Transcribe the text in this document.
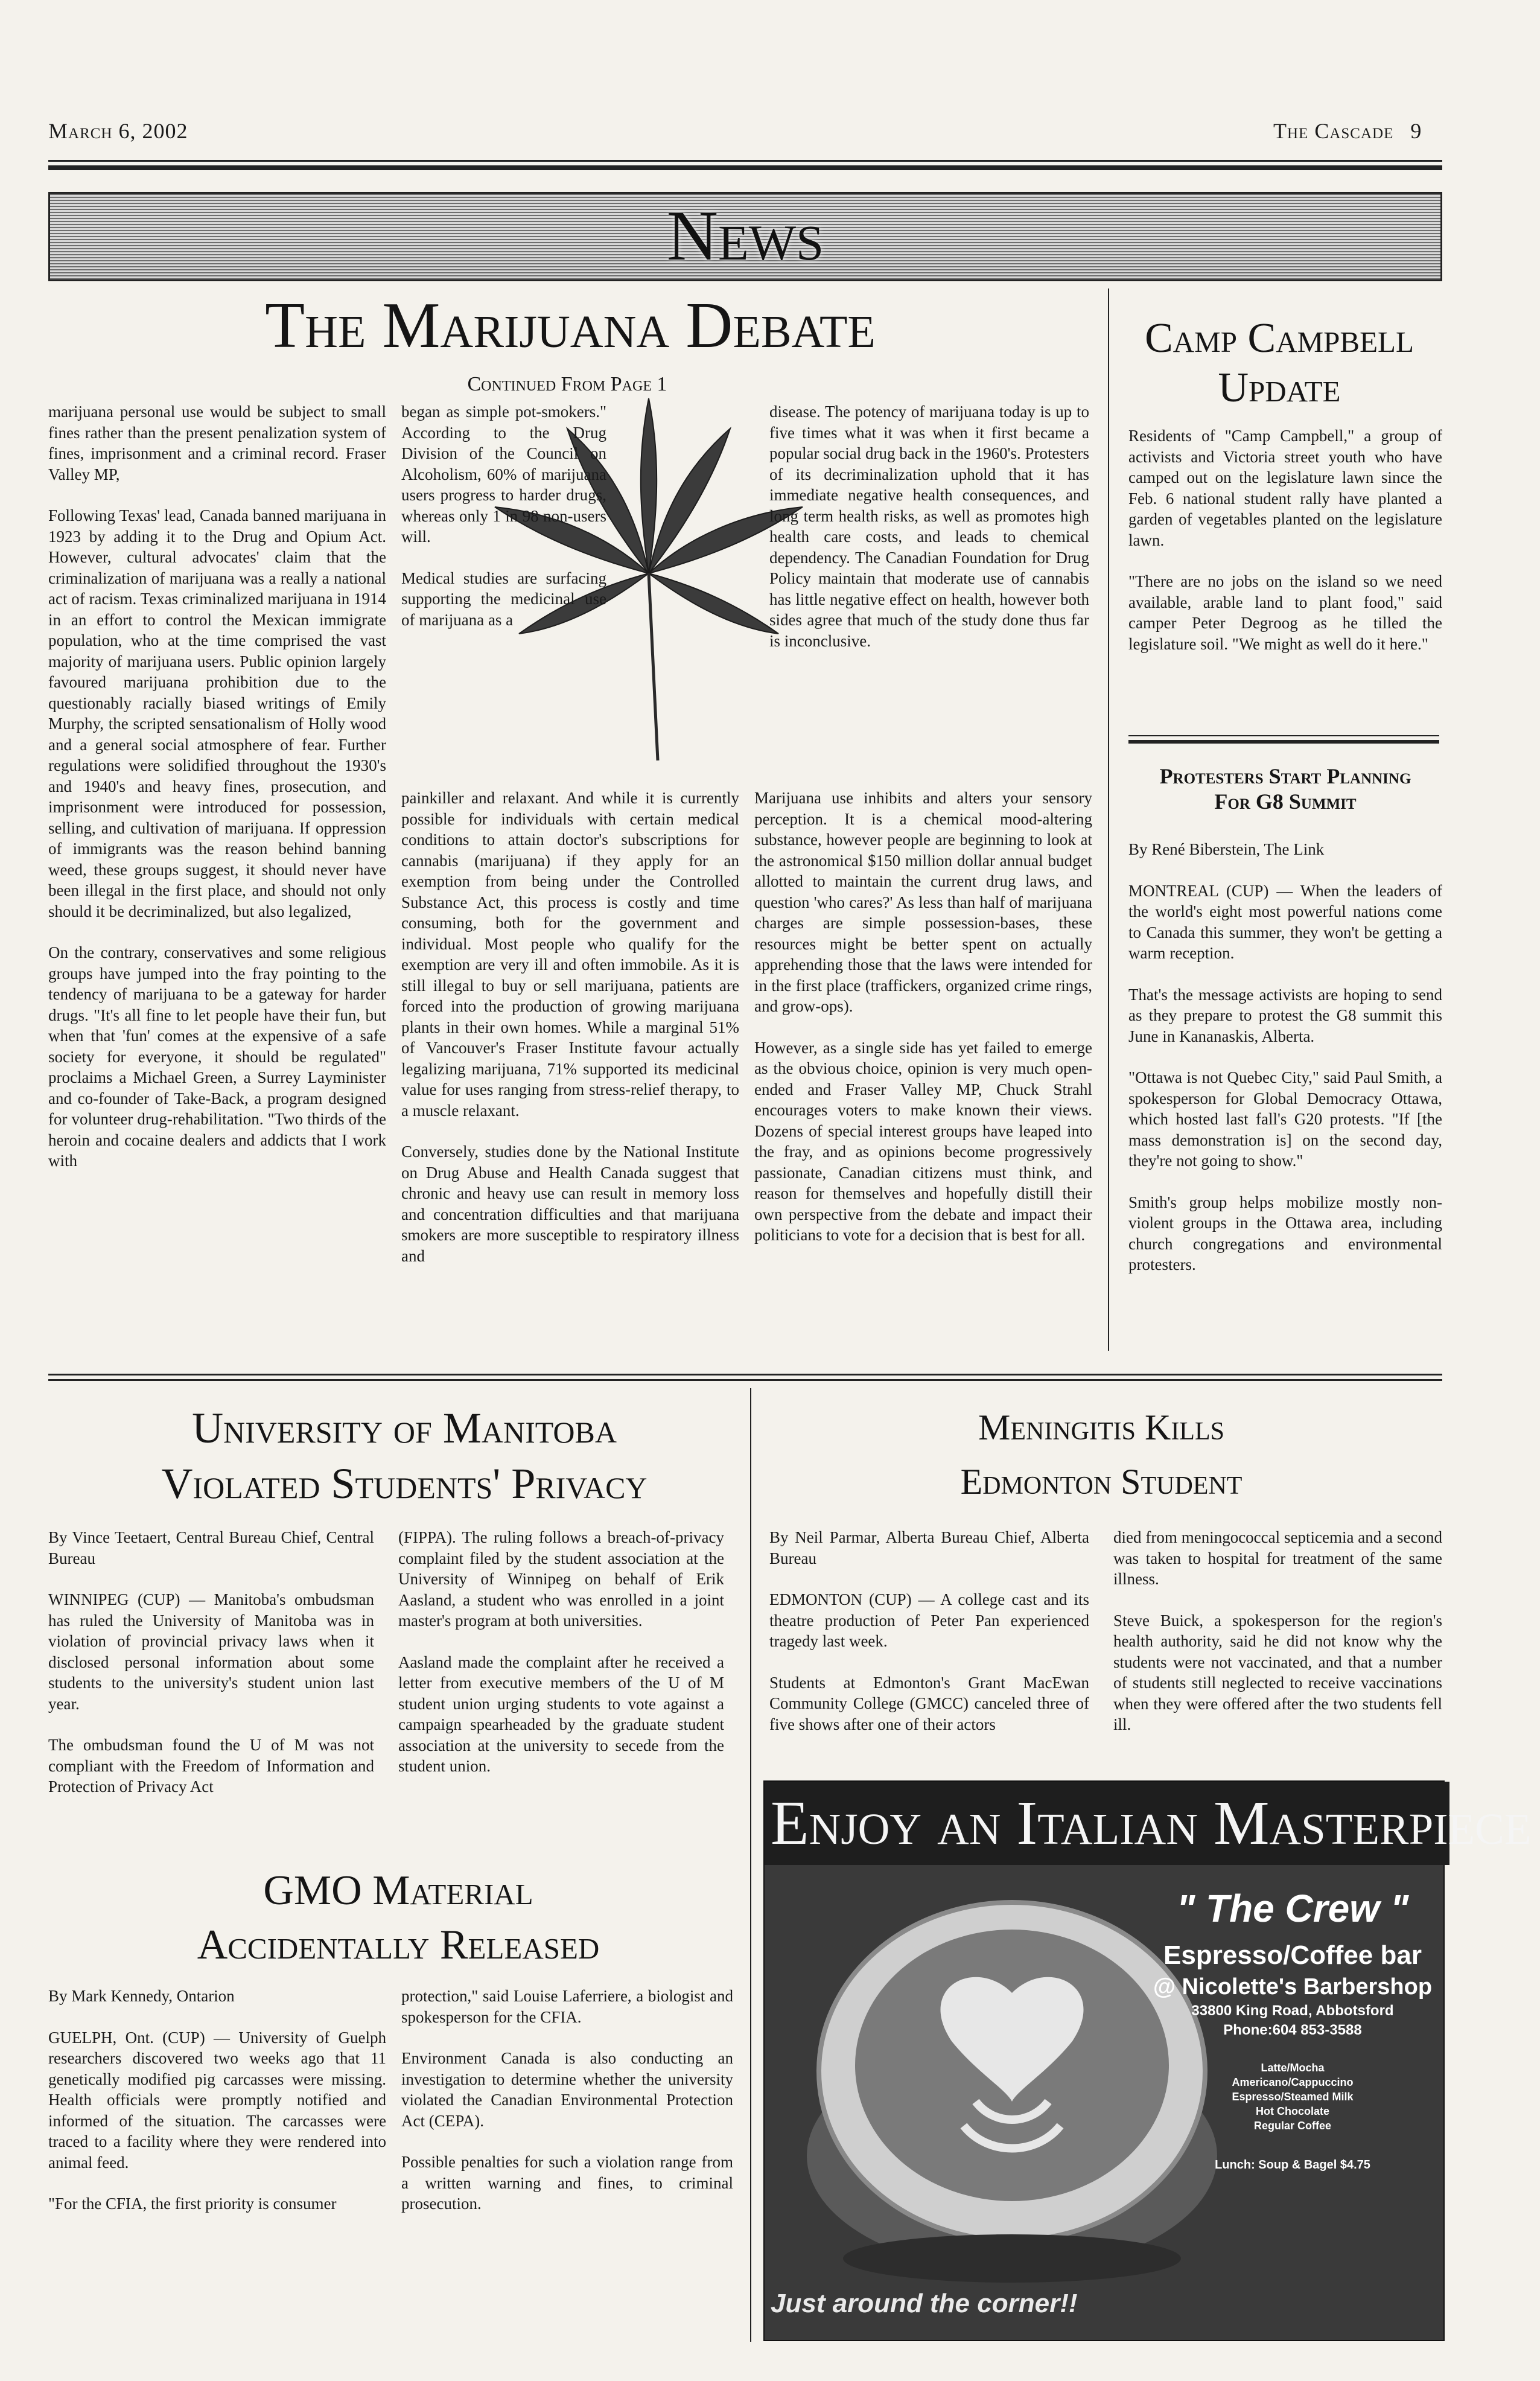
March 6, 2002	The Cascade 9
News
The Marijuana Debate
Continued From Page 1

marijuana personal use would be subject to small fines rather than the present penalization system of fines, imprisonment and a criminal record. Fraser Valley MP,

Following Texas' lead, Canada banned marijuana in 1923 by adding it to the Drug and Opium Act. However, cultural advocates' claim that the criminalization of marijuana was a really a national act of racism. Texas criminalized marijuana in 1914 in an effort to control the Mexican immigrate population, who at the time comprised the vast majority of marijuana users. Public opinion largely favoured marijuana prohibition due to the questionably racially biased writings of Emily Murphy, the scripted sensationalism of Holly wood and a general social atmosphere of fear. Further regulations were solidified throughout the 1930's and 1940's and heavy fines, prosecution, and imprisonment were introduced for possession, selling, and cultivation of marijuana. If oppression of immigrants was the reason behind banning weed, these groups suggest, it should never have been illegal in the first place, and should not only should it be decriminalized, but also legalized,

On the contrary, conservatives and some religious groups have jumped into the fray pointing to the tendency of marijuana to be a gateway for harder drugs. "It's all fine to let people have their fun, but when that 'fun' comes at the expensive of a safe society for everyone, it should be regulated" proclaims a Michael Green, a Surrey Layminister and co-founder of Take-Back, a program designed for volunteer drug-rehabilitation. "Two thirds of the heroin and cocaine dealers and addicts that I work with

began as simple pot-smokers." According to the Drug Division of the Council on Alcoholism, 60% of marijuana users progress to harder drugs, whereas only 1 in 98 non-users will.

Medical studies are surfacing supporting the medicinal use of marijuana as a

painkiller and relaxant. And while it is currently possible for individuals with certain medical conditions to attain doctor's subscriptions for cannabis (marijuana) if they apply for an exemption from being under the Controlled Substance Act, this process is costly and time consuming, both for the government and individual. Most people who qualify for the exemption are very ill and often immobile. As it is still illegal to buy or sell marijuana, patients are forced into the production of growing marijuana plants in their own homes. While a marginal 51% of Vancouver's Fraser Institute favour actually legalizing marijuana, 71% supported its medicinal value for uses ranging from stress-relief therapy, to a muscle relaxant.

Conversely, studies done by the National Institute on Drug Abuse and Health Canada suggest that chronic and heavy use can result in memory loss and concentration difficulties and that marijuana smokers are more susceptible to respiratory illness and

disease. The potency of marijuana today is up to five times what it was when it first became a popular social drug back in the 1960's. Protesters of its decriminalization uphold that it has immediate negative health consequences, and long term health risks, as well as promotes high health care costs, and leads to chemical dependency. The Canadian Foundation for Drug Policy maintain that moderate use of cannabis has little negative effect on health, however both sides agree that much of the study done thus far is inconclusive.

Marijuana use inhibits and alters your sensory perception. It is a chemical mood-altering substance, however people are beginning to look at the astronomical $150 million dollar annual budget allotted to maintain the current drug laws, and question 'who cares?' As less than half of marijuana charges are simple possession-bases, these resources might be better spent on actually apprehending those that the laws were intended for in the first place (traffickers, organized crime rings, and grow-ops).

However, as a single side has yet failed to emerge as the obvious choice, opinion is very much open-ended and Fraser Valley MP, Chuck Strahl encourages voters to make known their views. Dozens of special interest groups have leaped into the fray, and as opinions become progressively passionate, Canadian citizens must think, and reason for themselves and hopefully distill their own perspective from the debate and impact their politicians to vote for a decision that is best for all.

Camp Campbell
Update

Residents of "Camp Campbell," a group of activists and Victoria street youth who have camped out on the legislature lawn since the Feb. 6 national student rally have planted a garden of vegetables planted on the legislature lawn.

"There are no jobs on the island so we need available, arable land to plant food," said camper Peter Degroog as he tilled the legislature soil. "We might as well do it here."

Protesters Start Planning
For G8 Summit

By René Biberstein, The Link

MONTREAL (CUP) — When the leaders of the world's eight most powerful nations come to Canada this summer, they won't be getting a warm reception.

That's the message activists are hoping to send as they prepare to protest the G8 summit this June in Kananaskis, Alberta.

"Ottawa is not Quebec City," said Paul Smith, a spokesperson for Global Democracy Ottawa, which hosted last fall's G20 protests. "If [the mass demonstration is] on the second day, they're not going to show."

Smith's group helps mobilize mostly non-violent groups in the Ottawa area, including church congregations and environmental protesters.

University of Manitoba
Violated Students' Privacy

By Vince Teetaert, Central Bureau Chief, Central Bureau

WINNIPEG (CUP) — Manitoba's ombudsman has ruled the University of Manitoba was in violation of provincial privacy laws when it disclosed personal information about some students to the university's student union last year.

The ombudsman found the U of M was not compliant with the Freedom of Information and Protection of Privacy Act

(FIPPA). The ruling follows a breach-of-privacy complaint filed by the student association at the University of Winnipeg on behalf of Erik Aasland, a student who was enrolled in a joint master's program at both universities.

Aasland made the complaint after he received a letter from executive members of the U of M student union urging students to vote against a campaign spearheaded by the graduate student association at the university to secede from the student union.

Meningitis Kills
Edmonton Student

By Neil Parmar, Alberta Bureau Chief, Alberta Bureau

EDMONTON (CUP) — A college cast and its theatre production of Peter Pan experienced tragedy last week.

Students at Edmonton's Grant MacEwan Community College (GMCC) canceled three of five shows after one of their actors

died from meningococcal septicemia and a second was taken to hospital for treatment of the same illness.

Steve Buick, a spokesperson for the region's health authority, said he did not know why the students were not vaccinated, and that a number of students still neglected to receive vaccinations when they were offered after the two students fell ill.

GMO Material
Accidentally Released

By Mark Kennedy, Ontarion

GUELPH, Ont. (CUP) — University of Guelph researchers discovered two weeks ago that 11 genetically modified pig carcasses were missing. Health officials were promptly notified and informed of the situation. The carcasses were traced to a facility where they were rendered into animal feed.

"For the CFIA, the first priority is consumer

protection," said Louise Laferriere, a biologist and spokesperson for the CFIA.

Environment Canada is also conducting an investigation to determine whether the university violated the Canadian Environmental Protection Act (CEPA).

Possible penalties for such a violation range from a written warning and fines, to criminal prosecution.

Enjoy an Italian Masterpiece
" The Crew "
Espresso/Coffee bar
@ Nicolette's Barbershop
33800 King Road, Abbotsford
Phone:604 853-3588
Latte/Mocha
Americano/Cappuccino
Espresso/Steamed Milk
Hot Chocolate
Regular Coffee
Lunch: Soup & Bagel $4.75
Just around the corner!!
